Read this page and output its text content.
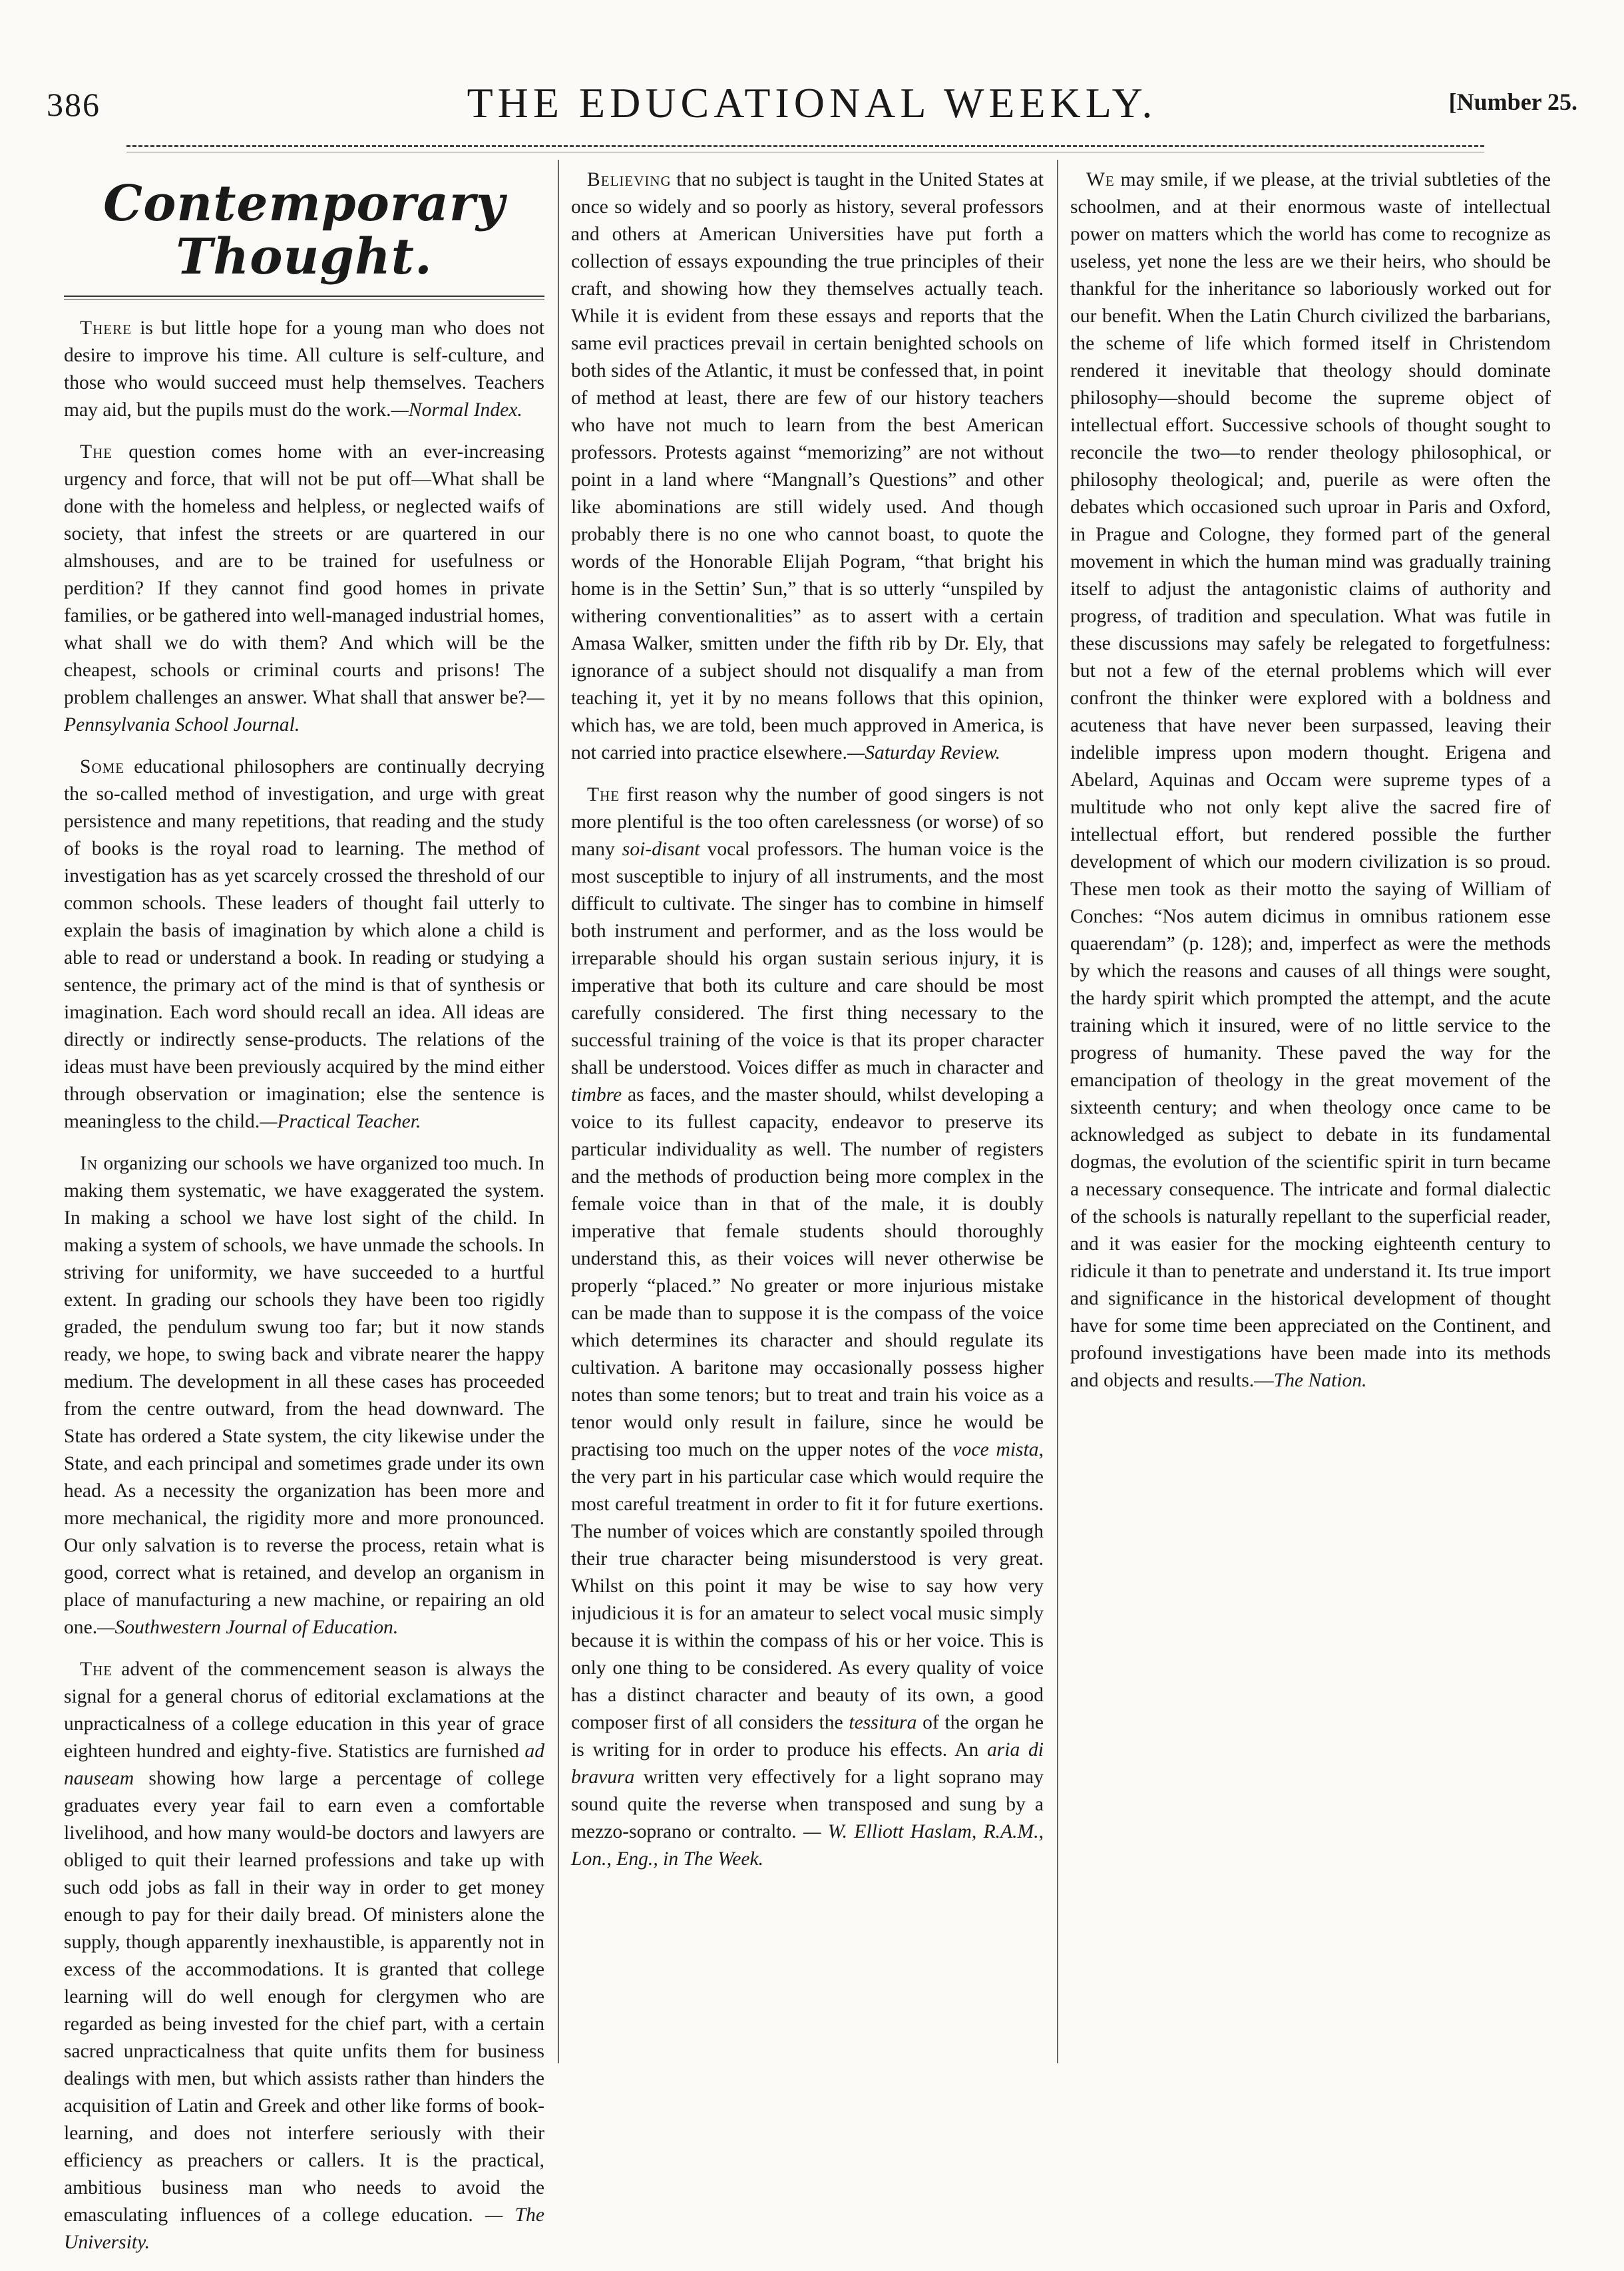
386	THE EDUCATIONAL WEEKLY.	[Number 25.
Contemporary Thought.

There is but little hope for a young man who does not desire to improve his time. All culture is self-culture, and those who would succeed must help themselves. Teachers may aid, but the pupils must do the work.—Normal Index.

The question comes home with an ever-increasing urgency and force, that will not be put off—What shall be done with the homeless and helpless, or neglected waifs of society, that infest the streets or are quartered in our almshouses, and are to be trained for usefulness or perdition? If they cannot find good homes in private families, or be gathered into well-managed industrial homes, what shall we do with them? And which will be the cheapest, schools or criminal courts and prisons! The problem challenges an answer. What shall that answer be?—Pennsylvania School Journal.

Some educational philosophers are continually decrying the so-called method of investigation, and urge with great persistence and many repetitions, that reading and the study of books is the royal road to learning. The method of investigation has as yet scarcely crossed the threshold of our common schools. These leaders of thought fail utterly to explain the basis of imagination by which alone a child is able to read or understand a book. In reading or studying a sentence, the primary act of the mind is that of synthesis or imagination. Each word should recall an idea. All ideas are directly or indirectly sense-products. The relations of the ideas must have been previously acquired by the mind either through observation or imagination; else the sentence is meaningless to the child.—Practical Teacher.

In organizing our schools we have organized too much. In making them systematic, we have exaggerated the system. In making a school we have lost sight of the child. In making a system of schools, we have unmade the schools. In striving for uniformity, we have succeeded to a hurtful extent. In grading our schools they have been too rigidly graded, the pendulum swung too far; but it now stands ready, we hope, to swing back and vibrate nearer the happy medium. The development in all these cases has proceeded from the centre outward, from the head downward. The State has ordered a State system, the city likewise under the State, and each principal and sometimes grade under its own head. As a necessity the organization has been more and more mechanical, the rigidity more and more pronounced. Our only salvation is to reverse the process, retain what is good, correct what is retained, and develop an organism in place of manufacturing a new machine, or repairing an old one.—Southwestern Journal of Education.

The advent of the commencement season is always the signal for a general chorus of editorial exclamations at the unpracticalness of a college education in this year of grace eighteen hundred and eighty-five. Statistics are furnished ad nauseam showing how large a percentage of college graduates every year fail to earn even a comfortable livelihood, and how many would-be doctors and lawyers are obliged to quit their learned professions and take up with such odd jobs as fall in their way in order to get money enough to pay for their daily bread. Of ministers alone the supply, though apparently inexhaustible, is apparently not in excess of the accommodations. It is granted that college learning will do well enough for clergymen who are regarded as being invested for the chief part, with a certain sacred unpracticalness that quite unfits them for business dealings with men, but which assists rather than hinders the acquisition of Latin and Greek and other like forms of book-learning, and does not interfere seriously with their efficiency as preachers or callers. It is the practical, ambitious business man who needs to avoid the emasculating influences of a college education. — The University.

Believing that no subject is taught in the United States at once so widely and so poorly as history, several professors and others at American Universities have put forth a collection of essays expounding the true principles of their craft, and showing how they themselves actually teach. While it is evident from these essays and reports that the same evil practices prevail in certain benighted schools on both sides of the Atlantic, it must be confessed that, in point of method at least, there are few of our history teachers who have not much to learn from the best American professors. Protests against “memorizing” are not without point in a land where “Mangnall’s Questions” and other like abominations are still widely used. And though probably there is no one who cannot boast, to quote the words of the Honorable Elijah Pogram, “that bright his home is in the Settin’ Sun,” that is so utterly “unspiled by withering conventionalities” as to assert with a certain Amasa Walker, smitten under the fifth rib by Dr. Ely, that ignorance of a subject should not disqualify a man from teaching it, yet it by no means follows that this opinion, which has, we are told, been much approved in America, is not carried into practice elsewhere.—Saturday Review.

The first reason why the number of good singers is not more plentiful is the too often carelessness (or worse) of so many soi-disant vocal professors. The human voice is the most susceptible to injury of all instruments, and the most difficult to cultivate. The singer has to combine in himself both instrument and performer, and as the loss would be irreparable should his organ sustain serious injury, it is imperative that both its culture and care should be most carefully considered. The first thing necessary to the successful training of the voice is that its proper character shall be understood. Voices differ as much in character and timbre as faces, and the master should, whilst developing a voice to its fullest capacity, endeavor to preserve its particular individuality as well. The number of registers and the methods of production being more complex in the female voice than in that of the male, it is doubly imperative that female students should thoroughly understand this, as their voices will never otherwise be properly “placed.” No greater or more injurious mistake can be made than to suppose it is the compass of the voice which determines its character and should regulate its cultivation. A baritone may occasionally possess higher notes than some tenors; but to treat and train his voice as a tenor would only result in failure, since he would be practising too much on the upper notes of the voce mista, the very part in his particular case which would require the most careful treatment in order to fit it for future exertions. The number of voices which are constantly spoiled through their true character being misunderstood is very great. Whilst on this point it may be wise to say how very injudicious it is for an amateur to select vocal music simply because it is within the compass of his or her voice. This is only one thing to be considered. As every quality of voice has a distinct character and beauty of its own, a good composer first of all considers the tessitura of the organ he is writing for in order to produce his effects. An aria di bravura written very effectively for a light soprano may sound quite the reverse when transposed and sung by a mezzo-soprano or contralto. — W. Elliott Haslam, R.A.M., Lon., Eng., in The Week.

We may smile, if we please, at the trivial subtleties of the schoolmen, and at their enormous waste of intellectual power on matters which the world has come to recognize as useless, yet none the less are we their heirs, who should be thankful for the inheritance so laboriously worked out for our benefit. When the Latin Church civilized the barbarians, the scheme of life which formed itself in Christendom rendered it inevitable that theology should dominate philosophy—should become the supreme object of intellectual effort. Successive schools of thought sought to reconcile the two—to render theology philosophical, or philosophy theological; and, puerile as were often the debates which occasioned such uproar in Paris and Oxford, in Prague and Cologne, they formed part of the general movement in which the human mind was gradually training itself to adjust the antagonistic claims of authority and progress, of tradition and speculation. What was futile in these discussions may safely be relegated to forgetfulness: but not a few of the eternal problems which will ever confront the thinker were explored with a boldness and acuteness that have never been surpassed, leaving their indelible impress upon modern thought. Erigena and Abelard, Aquinas and Occam were supreme types of a multitude who not only kept alive the sacred fire of intellectual effort, but rendered possible the further development of which our modern civilization is so proud. These men took as their motto the saying of William of Conches: “Nos autem dicimus in omnibus rationem esse quaerendam” (p. 128); and, imperfect as were the methods by which the reasons and causes of all things were sought, the hardy spirit which prompted the attempt, and the acute training which it insured, were of no little service to the progress of humanity. These paved the way for the emancipation of theology in the great movement of the sixteenth century; and when theology once came to be acknowledged as subject to debate in its fundamental dogmas, the evolution of the scientific spirit in turn became a necessary consequence. The intricate and formal dialectic of the schools is naturally repellant to the superficial reader, and it was easier for the mocking eighteenth century to ridicule it than to penetrate and understand it. Its true import and significance in the historical development of thought have for some time been appreciated on the Continent, and profound investigations have been made into its methods and objects and results.—The Nation.
